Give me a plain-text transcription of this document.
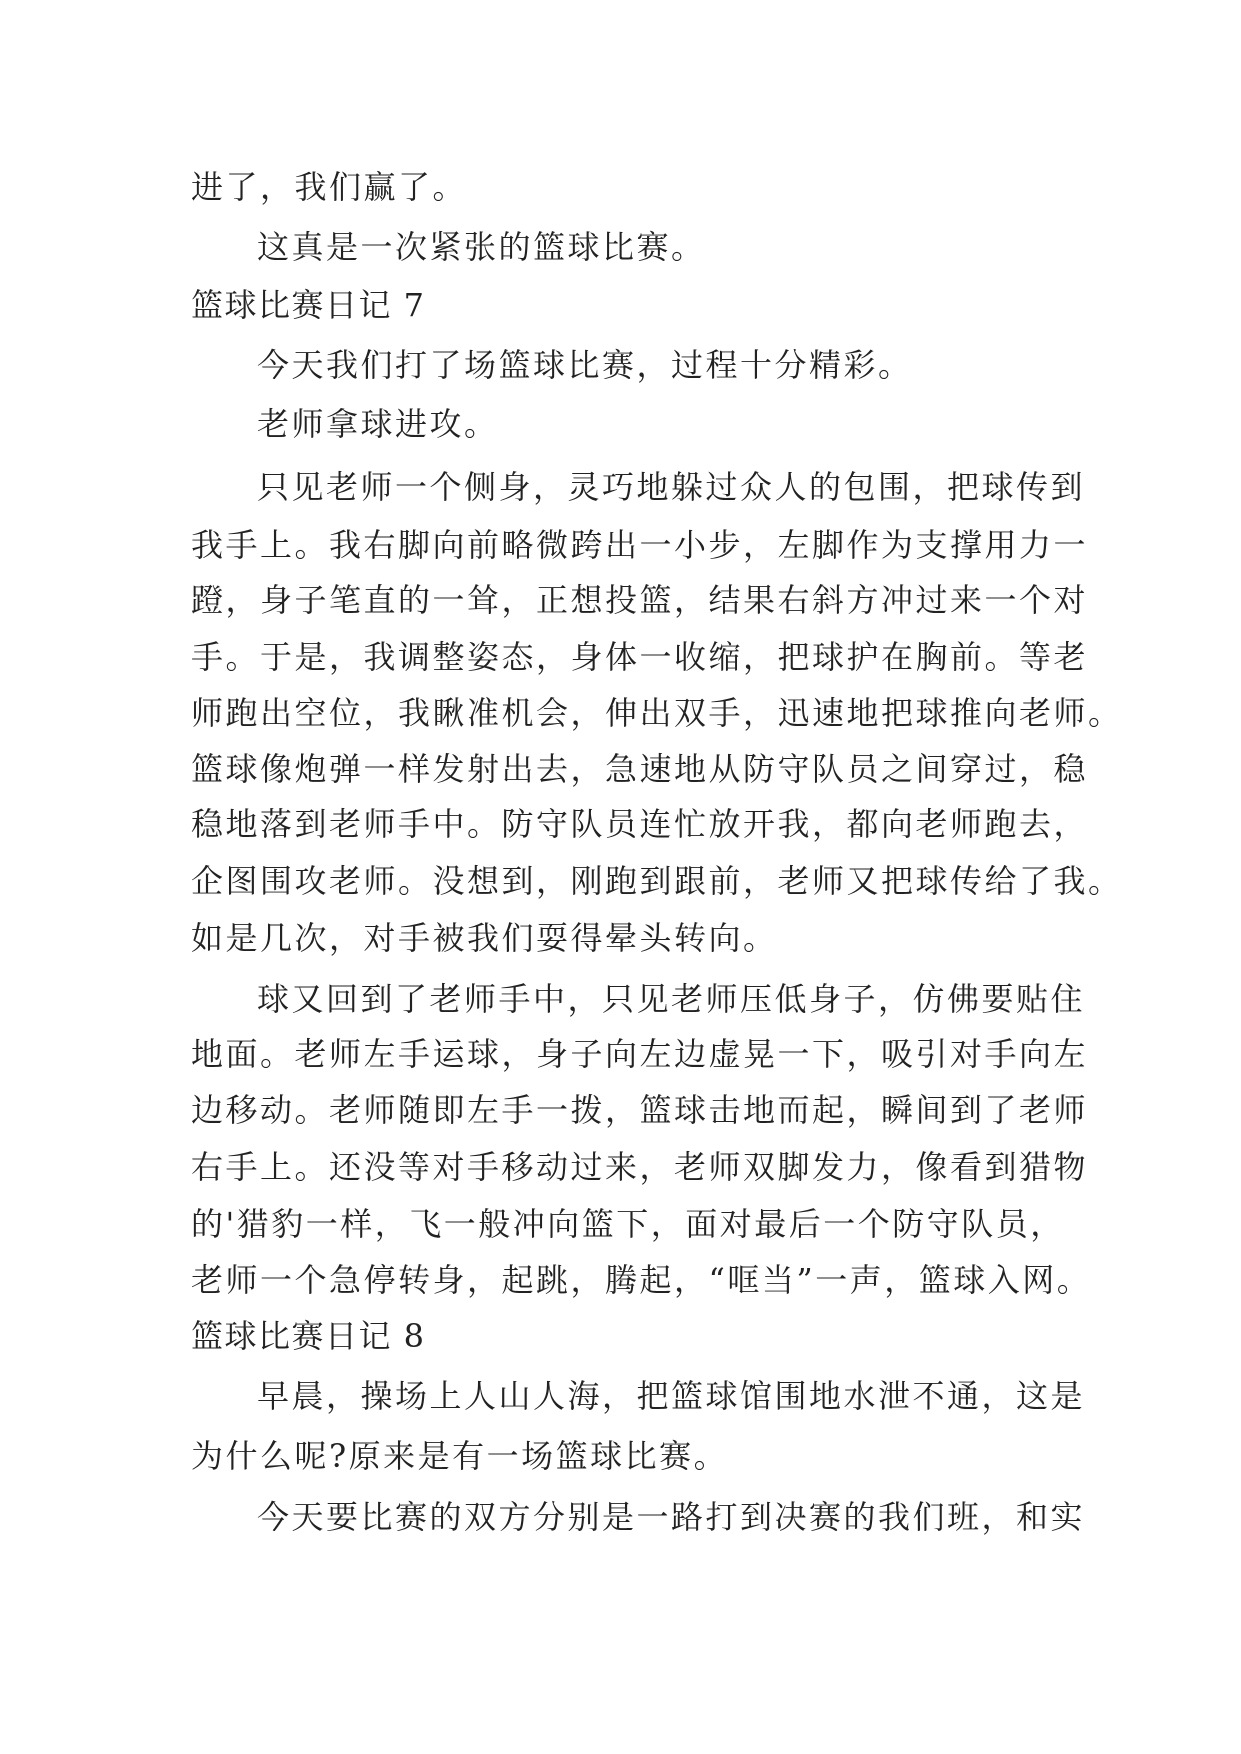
进了，我们赢了。
这真是一次紧张的篮球比赛。
篮球比赛日记 7
今天我们打了场篮球比赛，过程十分精彩。
老师拿球进攻。
只见老师一个侧身，灵巧地躲过众人的包围，把球传到
我手上。我右脚向前略微跨出一小步，左脚作为支撑用力一
蹬，身子笔直的一耸，正想投篮，结果右斜方冲过来一个对
手。于是，我调整姿态，身体一收缩，把球护在胸前。等老
师跑出空位，我瞅准机会，伸出双手，迅速地把球推向老师。
篮球像炮弹一样发射出去，急速地从防守队员之间穿过，稳
稳地落到老师手中。防守队员连忙放开我，都向老师跑去，
企图围攻老师。没想到，刚跑到跟前，老师又把球传给了我。
如是几次，对手被我们耍得晕头转向。
球又回到了老师手中，只见老师压低身子，仿佛要贴住
地面。老师左手运球，身子向左边虚晃一下，吸引对手向左
边移动。老师随即左手一拨，篮球击地而起，瞬间到了老师
右手上。还没等对手移动过来，老师双脚发力，像看到猎物
的'猎豹一样，飞一般冲向篮下，面对最后一个防守队员，
老师一个急停转身，起跳，腾起，“哐当”一声，篮球入网。
篮球比赛日记 8
早晨，操场上人山人海，把篮球馆围地水泄不通，这是
为什么呢?原来是有一场篮球比赛。
今天要比赛的双方分别是一路打到决赛的我们班，和实
